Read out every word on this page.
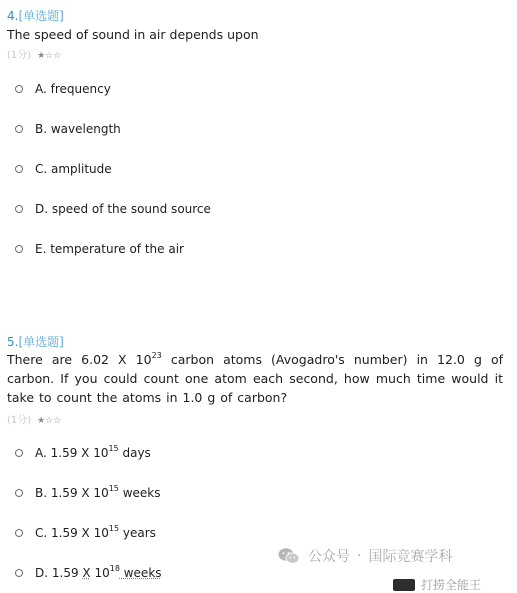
4.[单选题]
The speed of sound in air depends upon
(1分) ★☆☆
A. frequency
B. wavelength
C. amplitude
D. speed of the sound source
E. temperature of the air
5.[单选题]
There are 6.02 X $10^{23}$ carbon atoms (Avogadro's number) in 12.0 g of carbon. If you could count one atom each second, how much time would it take to count the atoms in 1.0 g of carbon?
(1分) ★☆☆
A. 1.59 X $10^{15}$ days
B. 1.59 X $10^{15}$ weeks
C. 1.59 X $10^{15}$ years
D. 1.59 X $10^{18}$ weeks
公众号 · 国际竞赛学科
打捞全能王
